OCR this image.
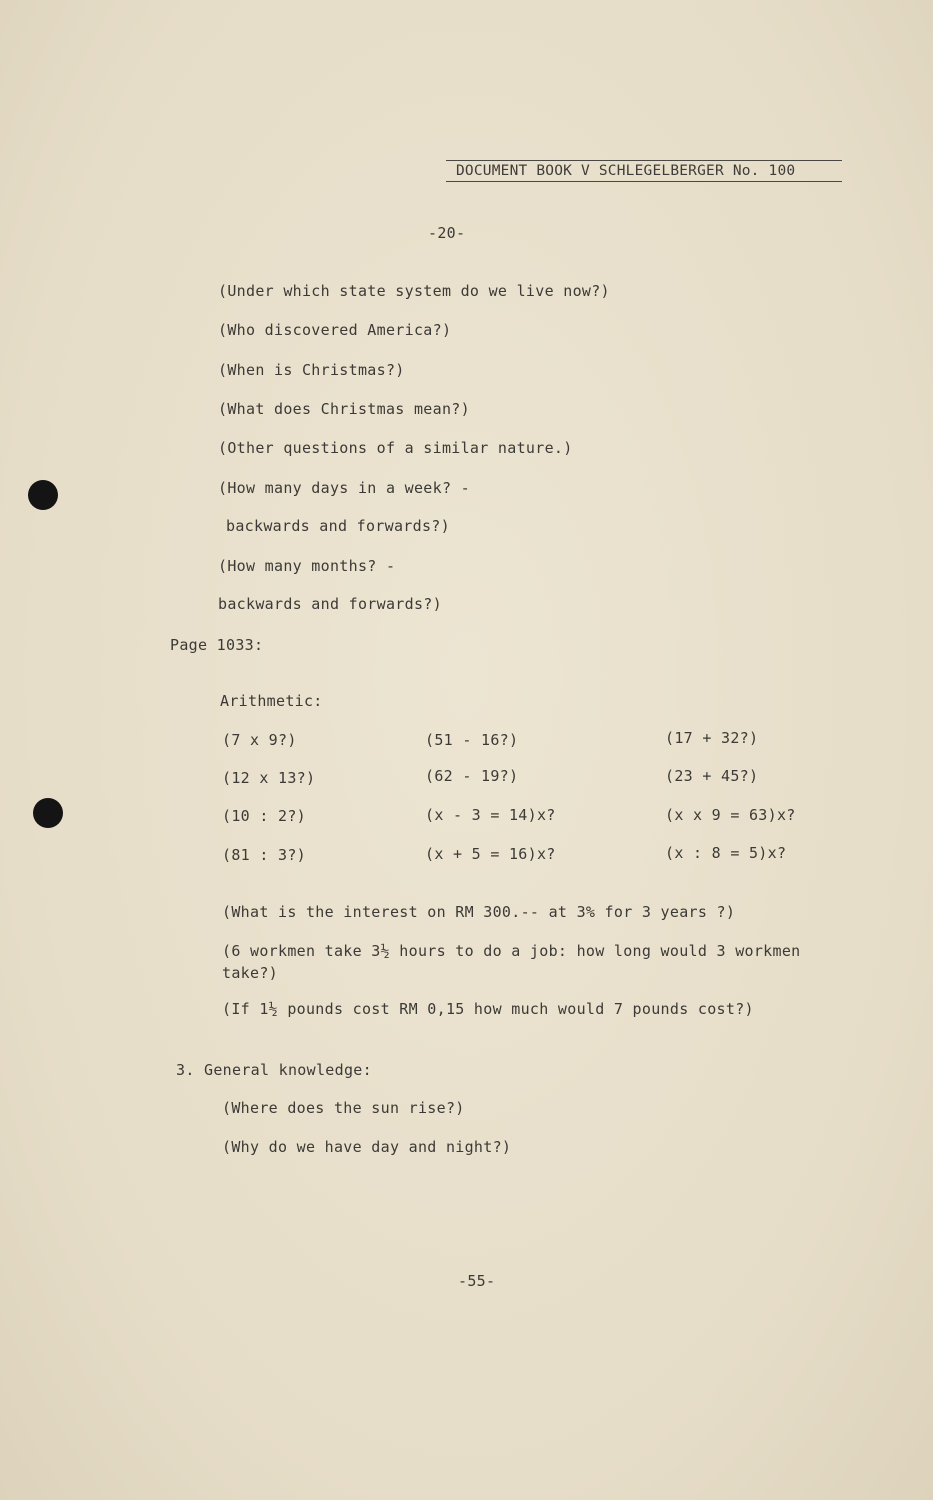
DOCUMENT BOOK V SCHLEGELBERGER No. 100
-20-
(Under which state system do we live now?)
(Who discovered America?)
(When is Christmas?)
(What does Christmas mean?)
(Other questions of a similar nature.)
(How many days in a week? -
backwards and forwards?)
(How many months? -
backwards and forwards?)
Page 1033:
Arithmetic:
(7 x 9?)	(51 - 16?)	(17 + 32?)
(12 x 13?)	(62 - 19?)	(23 + 45?)
(10 : 2?)	(x - 3 = 14)x?	(x x 9 = 63)x?
(81 : 3?)	(x + 5 = 16)x?	(x : 8 = 5)x?
(What is the interest on RM 300.-- at 3% for 3 years ?)
(6 workmen take 3½ hours to do a job: how long would 3 workmen take?)
(If 1½ pounds cost RM 0,15 how much would 7 pounds cost?)
3. General knowledge:
(Where does the sun rise?)
(Why do we have day and night?)
-55-
